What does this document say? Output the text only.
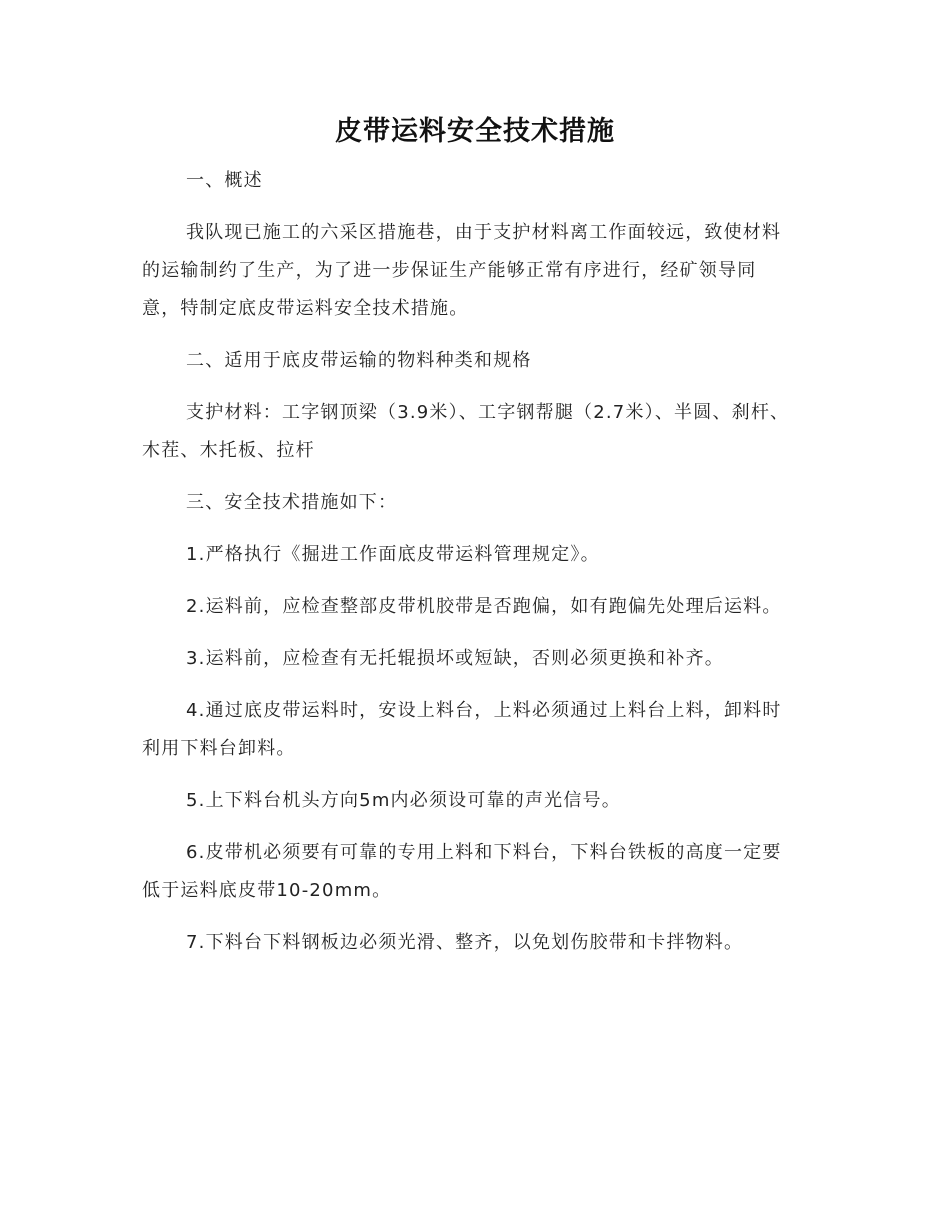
皮带运料安全技术措施

一、概述

我队现已施工的六采区措施巷，由于支护材料离工作面较远，致使材料的运输制约了生产，为了进一步保证生产能够正常有序进行，经矿领导同意，特制定底皮带运料安全技术措施。

二、适用于底皮带运输的物料种类和规格

支护材料：工字钢顶梁（3.9米）、工字钢帮腿（2.7米）、半圆、刹杆、木茬、木托板、拉杆

三、安全技术措施如下：

1.严格执行《掘进工作面底皮带运料管理规定》。

2.运料前，应检查整部皮带机胶带是否跑偏，如有跑偏先处理后运料。

3.运料前，应检查有无托辊损坏或短缺，否则必须更换和补齐。

4.通过底皮带运料时，安设上料台，上料必须通过上料台上料，卸料时利用下料台卸料。

5.上下料台机头方向5m内必须设可靠的声光信号。

6.皮带机必须要有可靠的专用上料和下料台，下料台铁板的高度一定要低于运料底皮带10-20mm。

7.下料台下料钢板边必须光滑、整齐，以免划伤胶带和卡拌物料。
